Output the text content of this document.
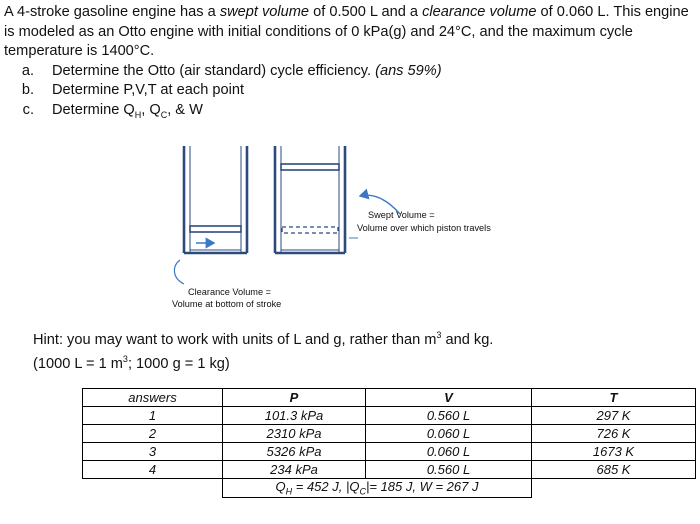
A 4-stroke gasoline engine has a swept volume of 0.500 L and a clearance volume of 0.060 L. This engine is modeled as an Otto engine with initial conditions of 0 kPa(g) and 24°C, and the maximum cycle temperature is 1400°C.

a. Determine the Otto (air standard) cycle efficiency. (ans 59%)
b. Determine P,V,T at each point
c. Determine $Q_H$, $Q_C$, & W
Swept Volume =
Volume over which piston travels
Clearance Volume =
Volume at bottom of stroke

Hint: you may want to work with units of L and g, rather than $m^3$ and kg.

(1000 L = 1 $m^3$; 1000 g = 1 kg)

answers	P	V	T
1	101.3 kPa	0.560 L	297 K
2	2310 kPa	0.060 L	726 K
3	5326 kPa	0.060 L	1673 K
4	234 kPa	0.560 L	685 K
	$Q_H = 452$ J, $|Q_C|= 185$ J, W = 267 J		
